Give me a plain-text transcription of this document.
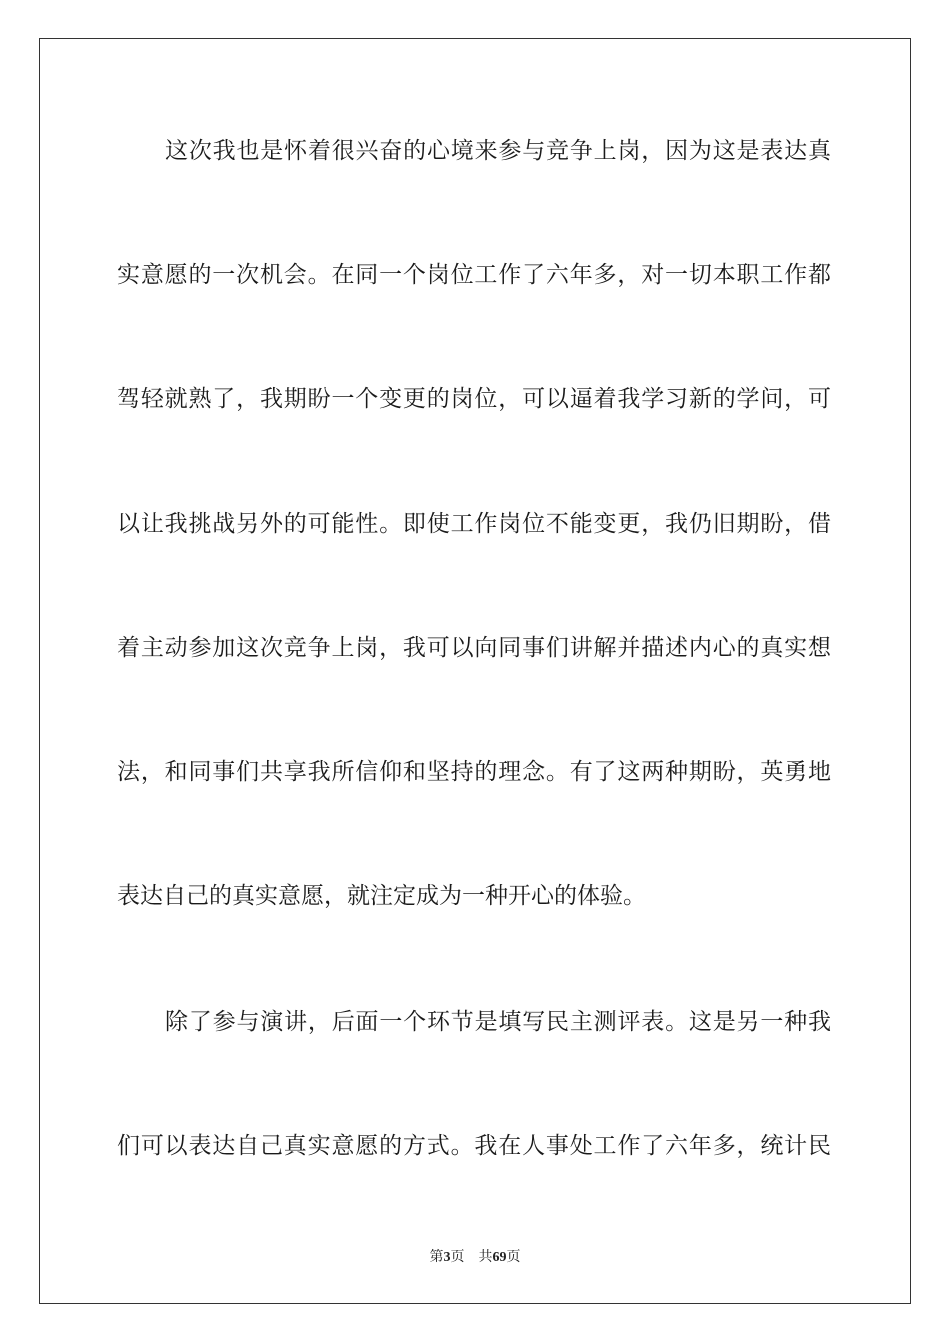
这次我也是怀着很兴奋的心境来参与竞争上岗，因为这是表达真
实意愿的一次机会。在同一个岗位工作了六年多，对一切本职工作都
驾轻就熟了，我期盼一个变更的岗位，可以逼着我学习新的学问，可
以让我挑战另外的可能性。即使工作岗位不能变更，我仍旧期盼，借
着主动参加这次竞争上岗，我可以向同事们讲解并描述内心的真实想
法，和同事们共享我所信仰和坚持的理念。有了这两种期盼，英勇地
表达自己的真实意愿，就注定成为一种开心的体验。
除了参与演讲，后面一个环节是填写民主测评表。这是另一种我
们可以表达自己真实意愿的方式。我在人事处工作了六年多，统计民
第3页 共69页
